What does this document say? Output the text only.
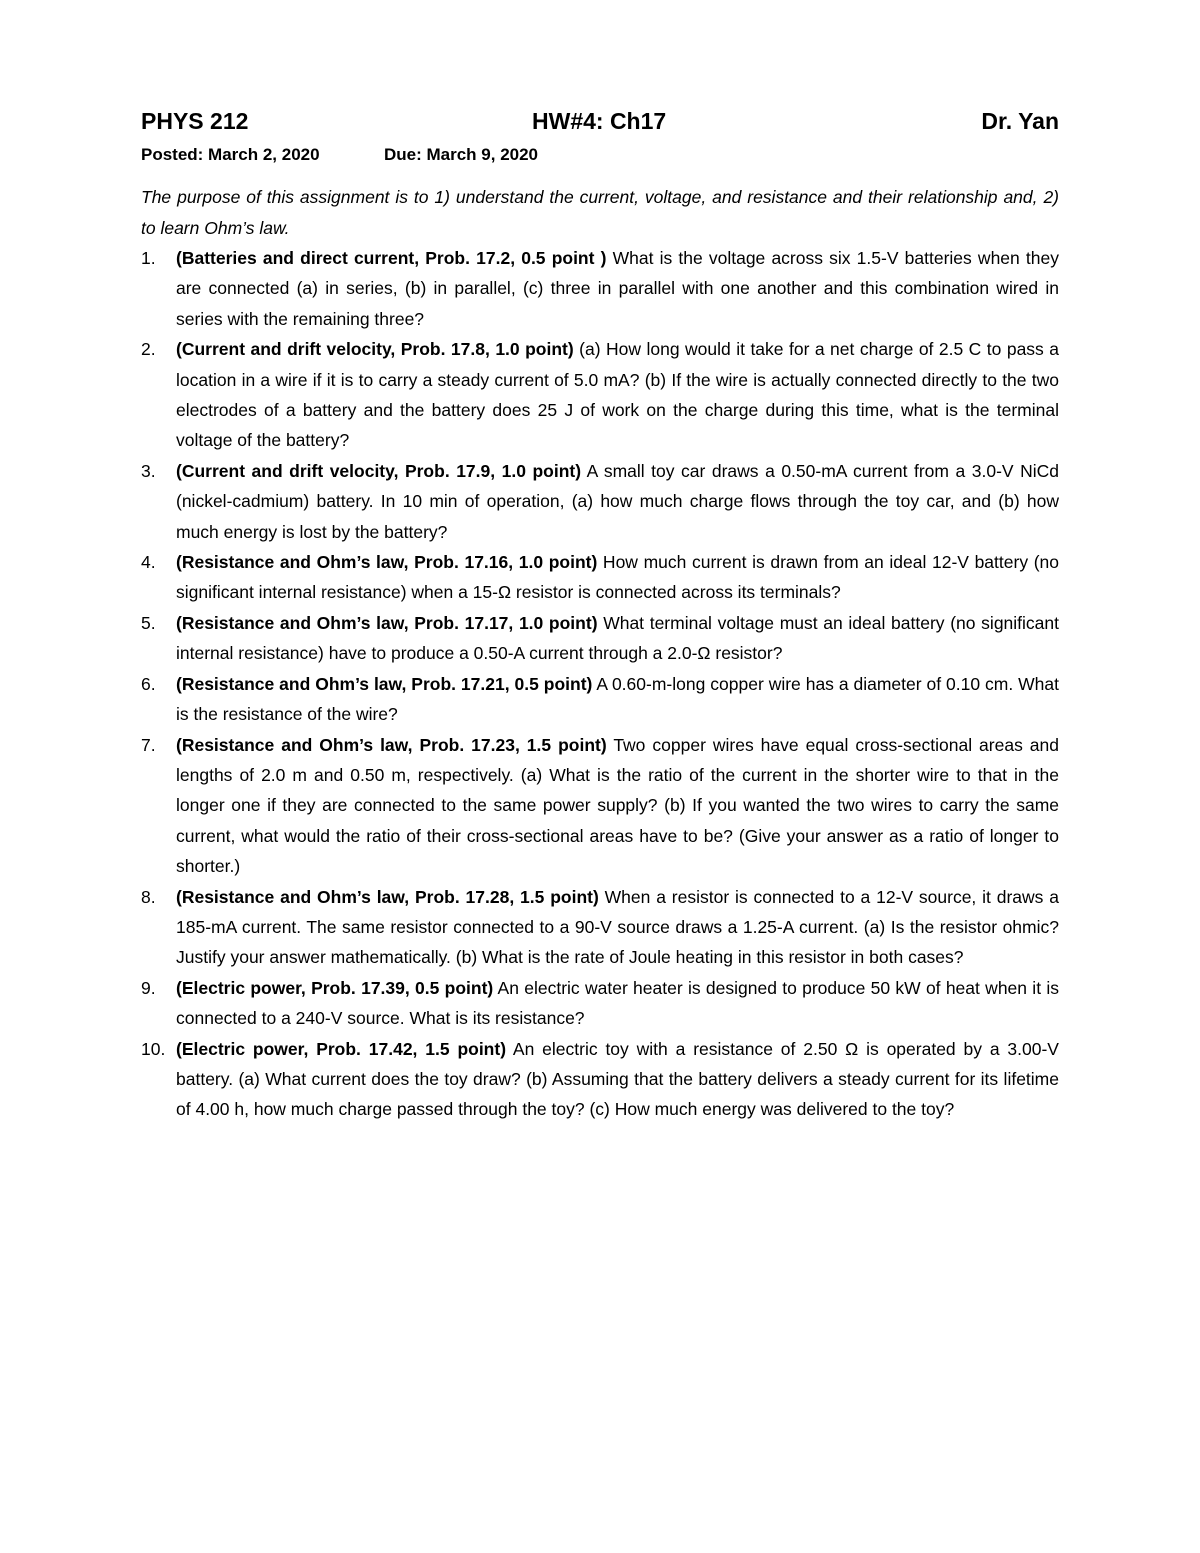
PHYS 212	HW#4: Ch17	Dr. Yan
Posted: March 2, 2020	Due: March 9, 2020
The purpose of this assignment is to 1) understand the current, voltage, and resistance and their relationship and, 2) to learn Ohm’s law.
1. (Batteries and direct current, Prob. 17.2, 0.5 point ) What is the voltage across six 1.5-V batteries when they are connected (a) in series, (b) in parallel, (c) three in parallel with one another and this combination wired in series with the remaining three?
2. (Current and drift velocity, Prob. 17.8, 1.0 point) (a) How long would it take for a net charge of 2.5 C to pass a location in a wire if it is to carry a steady current of 5.0 mA? (b) If the wire is actually connected directly to the two electrodes of a battery and the battery does 25 J of work on the charge during this time, what is the terminal voltage of the battery?
3. (Current and drift velocity, Prob. 17.9, 1.0 point) A small toy car draws a 0.50-mA current from a 3.0-V NiCd (nickel-cadmium) battery. In 10 min of operation, (a) how much charge flows through the toy car, and (b) how much energy is lost by the battery?
4. (Resistance and Ohm’s law, Prob. 17.16, 1.0 point) How much current is drawn from an ideal 12-V battery (no significant internal resistance) when a 15-Ω resistor is connected across its terminals?
5. (Resistance and Ohm’s law, Prob. 17.17, 1.0 point) What terminal voltage must an ideal battery (no significant internal resistance) have to produce a 0.50-A current through a 2.0-Ω resistor?
6. (Resistance and Ohm’s law, Prob. 17.21, 0.5 point) A 0.60-m-long copper wire has a diameter of 0.10 cm. What is the resistance of the wire?
7. (Resistance and Ohm’s law, Prob. 17.23, 1.5 point) Two copper wires have equal cross-sectional areas and lengths of 2.0 m and 0.50 m, respectively. (a) What is the ratio of the current in the shorter wire to that in the longer one if they are connected to the same power supply? (b) If you wanted the two wires to carry the same current, what would the ratio of their cross-sectional areas have to be? (Give your answer as a ratio of longer to shorter.)
8. (Resistance and Ohm’s law, Prob. 17.28, 1.5 point) When a resistor is connected to a 12-V source, it draws a 185-mA current. The same resistor connected to a 90-V source draws a 1.25-A current. (a) Is the resistor ohmic? Justify your answer mathematically. (b) What is the rate of Joule heating in this resistor in both cases?
9. (Electric power, Prob. 17.39, 0.5 point) An electric water heater is designed to produce 50 kW of heat when it is connected to a 240-V source. What is its resistance?
10. (Electric power, Prob. 17.42, 1.5 point) An electric toy with a resistance of 2.50 Ω is operated by a 3.00-V battery. (a) What current does the toy draw? (b) Assuming that the battery delivers a steady current for its lifetime of 4.00 h, how much charge passed through the toy? (c) How much energy was delivered to the toy?
